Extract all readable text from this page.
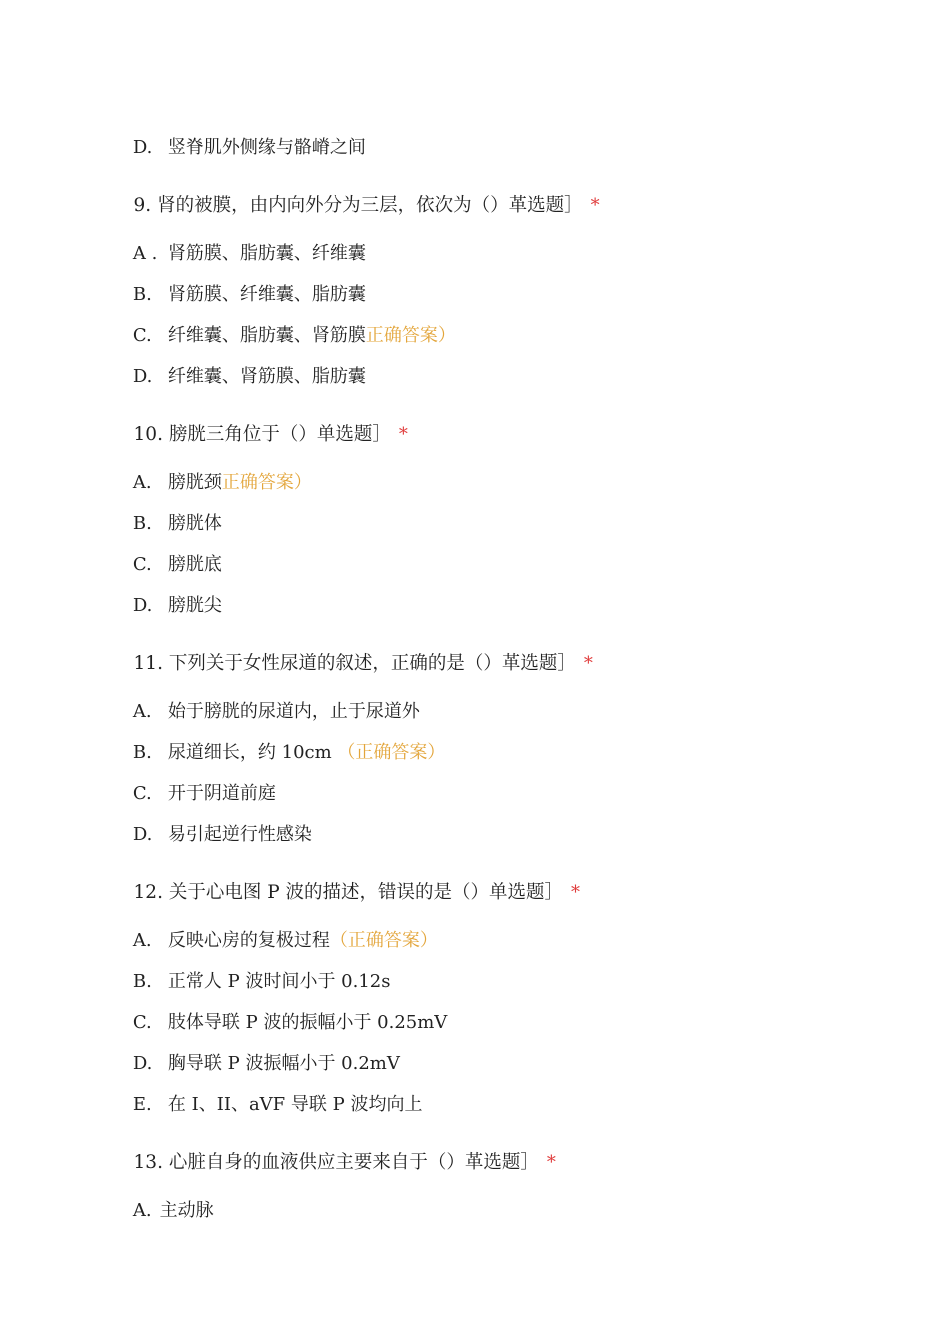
D. 竖脊肌外侧缘与骼嵴之间

9. 肾的被膜，由内向外分为三层，依次为（）革选题］ *

A . 肾筋膜、脂肪囊、纤维囊

B. 肾筋膜、纤维囊、脂肪囊

C. 纤维囊、脂肪囊、肾筋膜正确答案）

D. 纤维囊、肾筋膜、脂肪囊

10. 膀胱三角位于（）单选题］ *

A. 膀胱颈正确答案）

B. 膀胱体

C. 膀胱底

D. 膀胱尖

11. 下列关于女性尿道的叙述，正确的是（）革选题］ *

A. 始于膀胱的尿道内，止于尿道外

B. 尿道细长，约 10cm （正确答案）

C. 开于阴道前庭

D. 易引起逆行性感染

12. 关于心电图 P 波的描述，错误的是（）单选题］ *

A. 反映心房的复极过程（正确答案）

B. 正常人 P 波时间小于 0.12s

C. 肢体导联 P 波的振幅小于 0.25mV

D. 胸导联 P 波振幅小于 0.2mV

E. 在 I、II、aVF 导联 P 波均向上

13. 心脏自身的血液供应主要来自于（）革选题］ *

A. 主动脉
